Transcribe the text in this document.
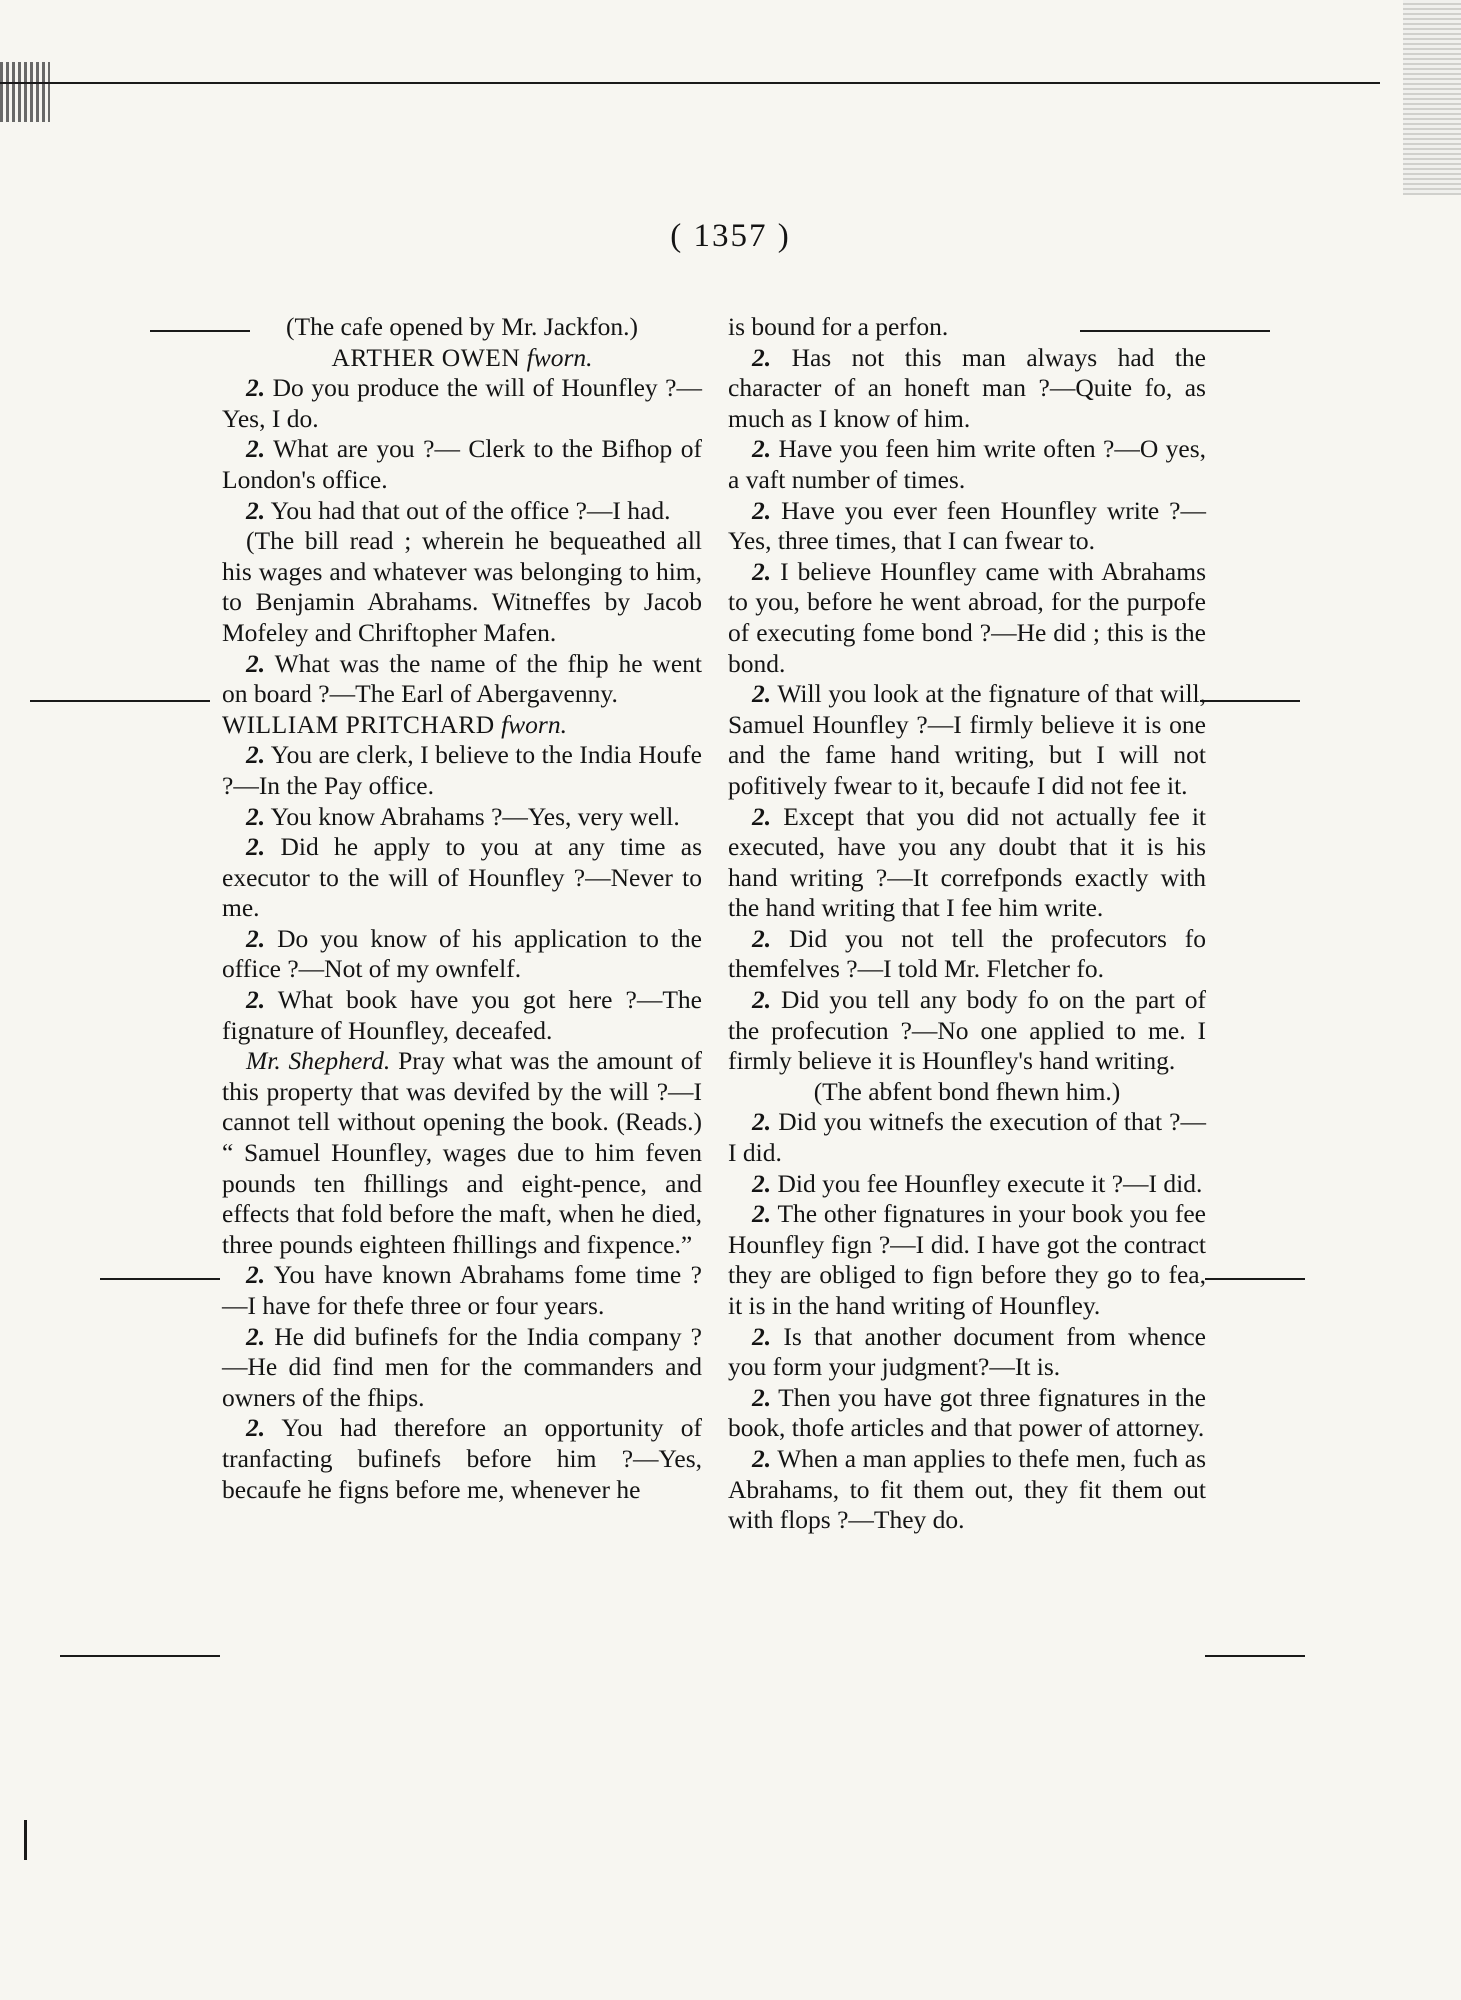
( 1357 )

(The cafe opened by Mr. Jackfon.)

ARTHER OWEN fworn.

2. Do you produce the will of Hounfley ?—Yes, I do.

2. What are you ?— Clerk to the Bifhop of London's office.

2. You had that out of the office ?—I had.

(The bill read ; wherein he bequeathed all his wages and whatever was belonging to him, to Benjamin Abrahams. Witneffes by Jacob Mofeley and Chriftopher Mafen.

2. What was the name of the fhip he went on board ?—The Earl of Abergavenny.

WILLIAM PRITCHARD fworn.

2. You are clerk, I believe to the India Houfe ?—In the Pay office.

2. You know Abrahams ?—Yes, very well.

2. Did he apply to you at any time as executor to the will of Hounfley ?—Never to me.

2. Do you know of his application to the office ?—Not of my ownfelf.

2. What book have you got here ?—The fignature of Hounfley, deceafed.

Mr. Shepherd. Pray what was the amount of this property that was devifed by the will ?—I cannot tell without opening the book. (Reads.) “ Samuel Hounfley, wages due to him feven pounds ten fhillings and eight-pence, and effects that fold before the maft, when he died, three pounds eighteen fhillings and fixpence.”

2. You have known Abrahams fome time ?—I have for thefe three or four years.

2. He did bufinefs for the India company ?—He did find men for the commanders and owners of the fhips.

2. You had therefore an opportunity of tranfacting bufinefs before him ?—Yes, becaufe he figns before me, whenever he

is bound for a perfon.

2. Has not this man always had the character of an honeft man ?—Quite fo, as much as I know of him.

2. Have you feen him write often ?—O yes, a vaft number of times.

2. Have you ever feen Hounfley write ?—Yes, three times, that I can fwear to.

2. I believe Hounfley came with Abrahams to you, before he went abroad, for the purpofe of executing fome bond ?—He did ; this is the bond.

2. Will you look at the fignature of that will, Samuel Hounfley ?—I firmly believe it is one and the fame hand writing, but I will not pofitively fwear to it, becaufe I did not fee it.

2. Except that you did not actually fee it executed, have you any doubt that it is his hand writing ?—It correfponds exactly with the hand writing that I fee him write.

2. Did you not tell the profecutors fo themfelves ?—I told Mr. Fletcher fo.

2. Did you tell any body fo on the part of the profecution ?—No one applied to me. I firmly believe it is Hounfley's hand writing.

(The abfent bond fhewn him.)

2. Did you witnefs the execution of that ?—I did.

2. Did you fee Hounfley execute it ?—I did.

2. The other fignatures in your book you fee Hounfley fign ?—I did. I have got the contract they are obliged to fign before they go to fea, it is in the hand writing of Hounfley.

2. Is that another document from whence you form your judgment?—It is.

2. Then you have got three fignatures in the book, thofe articles and that power of attorney.

2. When a man applies to thefe men, fuch as Abrahams, to fit them out, they fit them out with flops ?—They do.
